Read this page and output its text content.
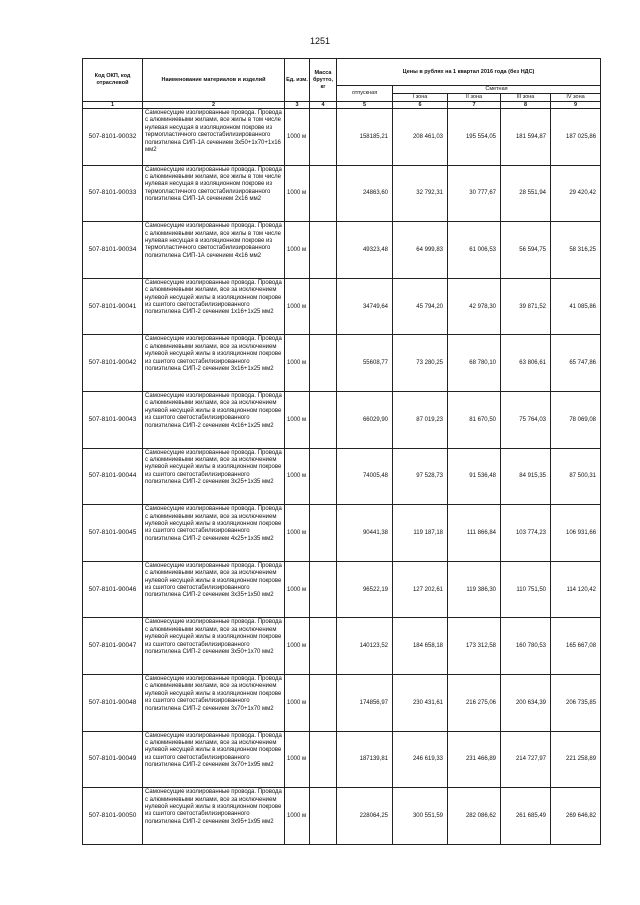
1251
Код ОКП, код отраслевой	Наименование материалов и изделий	Ед. изм.	Масса брутто, кг	Цены в рублях на 1 квартал 2016 года (без НДС)				
				отпускная	Сметная			
					I зона	II зона	III зона	IV зона
1	2	3	4	5	6	7	8	9
507-8101-90032	Самонесущие изолированные провода. Провода с алюминиевыми жилами, все жилы в том числе нулевая несущая в изоляционном покрове из термопластичного светостабилизированного полиэтилена СИП-1А сечением 3х50+1х70+1х16 мм2	1000 м		158185,21	208 461,03	195 554,05	181 594,87	187 025,86
507-8101-90033	Самонесущие изолированные провода. Провода с алюминиевыми жилами, все жилы в том числе нулевая несущая в изоляционном покрове из термопластичного светостабилизированного полиэтилена СИП-1А сечением 2х16 мм2	1000 м		24863,60	32 792,31	30 777,67	28 551,94	29 420,42
507-8101-90034	Самонесущие изолированные провода. Провода с алюминиевыми жилами, все жилы в том числе нулевая несущая в изоляционном покрове из термопластичного светостабилизированного полиэтилена СИП-1А сечением 4х16 мм2	1000 м		49323,48	64 999,83	61 006,53	56 594,75	58 316,25
507-8101-90041	Самонесущие изолированные провода. Провода с алюминиевыми жилами, все за исключением нулевой несущей жилы в изоляционном покрове из сшитого светостабилизированного полиэтилена СИП-2 сечением 1х16+1х25 мм2	1000 м		34749,64	45 794,20	42 978,30	39 871,52	41 085,86
507-8101-90042	Самонесущие изолированные провода. Провода с алюминиевыми жилами, все за исключением нулевой несущей жилы в изоляционном покрове из сшитого светостабилизированного полиэтилена СИП-2 сечением 3х16+1х25 мм2	1000 м		55608,77	73 280,25	68 780,10	63 806,61	65 747,86
507-8101-90043	Самонесущие изолированные провода. Провода с алюминиевыми жилами, все за исключением нулевой несущей жилы в изоляционном покрове из сшитого светостабилизированного полиэтилена СИП-2 сечением 4х16+1х25 мм2	1000 м		66029,90	87 019,23	81 670,50	75 764,03	78 069,08
507-8101-90044	Самонесущие изолированные провода. Провода с алюминиевыми жилами, все за исключением нулевой несущей жилы в изоляционном покрове из сшитого светостабилизированного полиэтилена СИП-2 сечением 3х25+1х35 мм2	1000 м		74005,48	97 528,73	91 536,48	84 915,35	87 500,31
507-8101-90045	Самонесущие изолированные провода. Провода с алюминиевыми жилами, все за исключением нулевой несущей жилы в изоляционном покрове из сшитого светостабилизированного полиэтилена СИП-2 сечением 4х25+1х35 мм2	1000 м		90441,38	119 187,18	111 866,84	103 774,23	106 931,66
507-8101-90046	Самонесущие изолированные провода. Провода с алюминиевыми жилами, все за исключением нулевой несущей жилы в изоляционном покрове из сшитого светостабилизированного полиэтилена СИП-2 сечением 3х35+1х50 мм2	1000 м		96522,19	127 202,61	119 386,30	110 751,50	114 120,42
507-8101-90047	Самонесущие изолированные провода. Провода с алюминиевыми жилами, все за исключением нулевой несущей жилы в изоляционном покрове из сшитого светостабилизированного полиэтилена СИП-2 сечением 3х50+1х70 мм2	1000 м		140123,52	184 658,18	173 312,58	160 780,53	165 667,08
507-8101-90048	Самонесущие изолированные провода. Провода с алюминиевыми жилами, все за исключением нулевой несущей жилы в изоляционном покрове из сшитого светостабилизированного полиэтилена СИП-2 сечением 3х70+1х70 мм2	1000 м		174856,97	230 431,61	216 275,06	200 634,39	206 735,85
507-8101-90049	Самонесущие изолированные провода. Провода с алюминиевыми жилами, все за исключением нулевой несущей жилы в изоляционном покрове из сшитого светостабилизированного полиэтилена СИП-2 сечением 3х70+1х95 мм2	1000 м		187139,81	246 619,33	231 466,89	214 727,97	221 258,89
507-8101-90050	Самонесущие изолированные провода. Провода с алюминиевыми жилами, все за исключением нулевой несущей жилы в изоляционном покрове из сшитого светостабилизированного полиэтилена СИП-2 сечением 3х95+1х95 мм2	1000 м		228064,25	300 551,59	282 086,62	261 685,49	269 646,82
